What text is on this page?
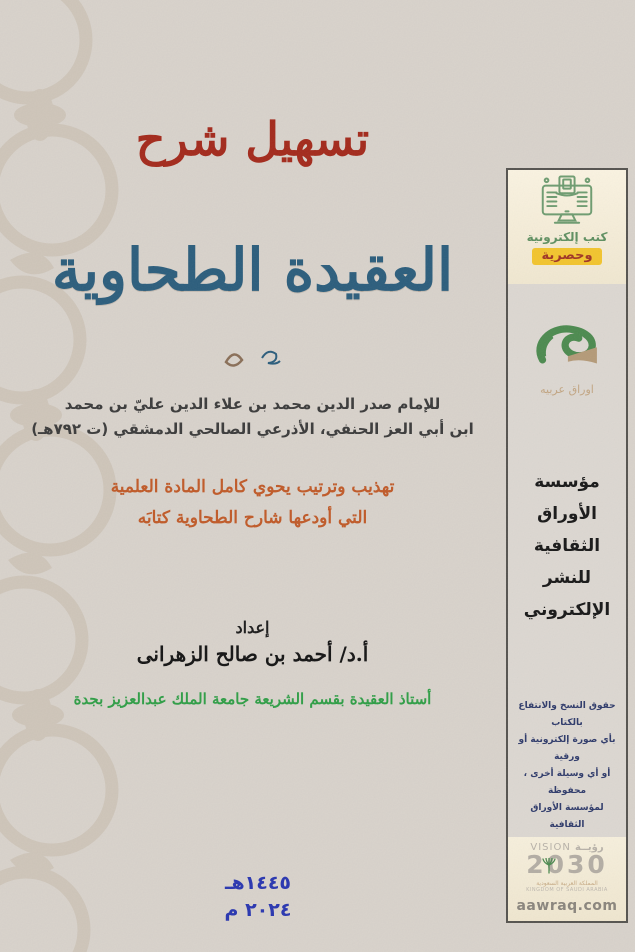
تسهيل شرح
العقيدة الطحاوية
للإمام صدر الدين محمد بن علاء الدين عليّ بن محمد
ابن أبي العز الحنفي، الأذرعي الصالحي الدمشقي (ت ٧٩٢هـ)
تهذيب وترتيب يحوي كامل المادة العلمية
التي أودعها شارح الطحاوية كتابَه
إعداد
أ.د/ أحمد بن صالح الزهرانى
أستاذ العقيدة بقسم الشريعة جامعة الملك عبدالعزيز بجدة
١٤٤٥هـ
٢٠٢٤ م
كتب إلكترونية
وحصرية
اوراق عربيه
مؤسسة
الأوراق
الثقافية
للنشر
الإلكتروني
حقوق النسخ والانتفاع بالكتاب
بأي صورة إلكترونية أو ورقية
أو أي وسيلة أخرى ، محفوظة
لمؤسسة الأوراق الثقافية
VISION رؤيــة
2030
المملكة العربية السعودية
KINGDOM OF SAUDI ARABIA
aawraq.com
